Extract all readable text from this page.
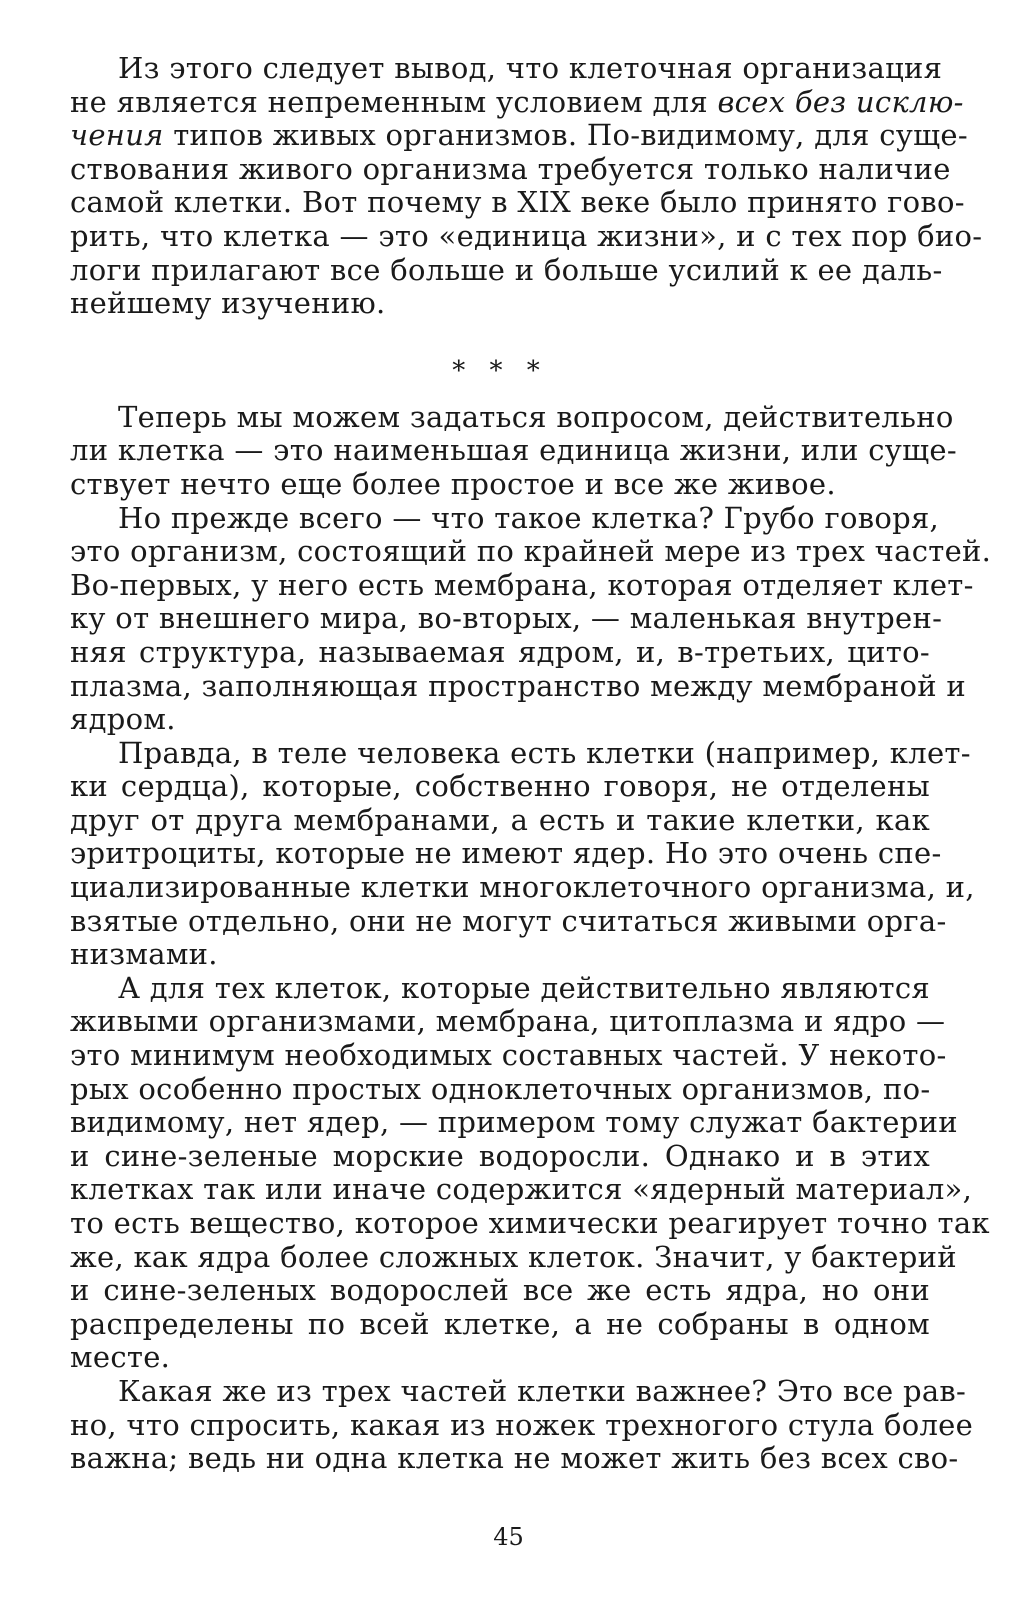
Из этого следует вывод, что клеточная организация
не является непременным условием для всех без исклю-
чения типов живых организмов. По-видимому, для суще-
ствования живого организма требуется только наличие
самой клетки. Вот почему в XIX веке было принято гово-
рить, что клетка — это «единица жизни», и с тех пор био-
логи прилагают все больше и больше усилий к ее даль-
нейшему изучению.
* * *
Теперь мы можем задаться вопросом, действительно
ли клетка — это наименьшая единица жизни, или суще-
ствует нечто еще более простое и все же живое.
Но прежде всего — что такое клетка? Грубо говоря,
это организм, состоящий по крайней мере из трех частей.
Во-первых, у него есть мембрана, которая отделяет клет-
ку от внешнего мира, во-вторых, — маленькая внутрен-
няя структура, называемая ядром, и, в-третьих, цито-
плазма, заполняющая пространство между мембраной и
ядром.
Правда, в теле человека есть клетки (например, клет-
ки сердца), которые, собственно говоря, не отделены
друг от друга мембранами, а есть и такие клетки, как
эритроциты, которые не имеют ядер. Но это очень спе-
циализированные клетки многоклеточного организма, и,
взятые отдельно, они не могут считаться живыми орга-
низмами.
А для тех клеток, которые действительно являются
живыми организмами, мембрана, цитоплазма и ядро —
это минимум необходимых составных частей. У некото-
рых особенно простых одноклеточных организмов, по-
видимому, нет ядер, — примером тому служат бактерии
и сине-зеленые морские водоросли. Однако и в этих
клетках так или иначе содержится «ядерный материал»,
то есть вещество, которое химически реагирует точно так
же, как ядра более сложных клеток. Значит, у бактерий
и сине-зеленых водорослей все же есть ядра, но они
распределены по всей клетке, а не собраны в одном
месте.
Какая же из трех частей клетки важнее? Это все рав-
но, что спросить, какая из ножек трехногого стула более
важна; ведь ни одна клетка не может жить без всех сво-
45
